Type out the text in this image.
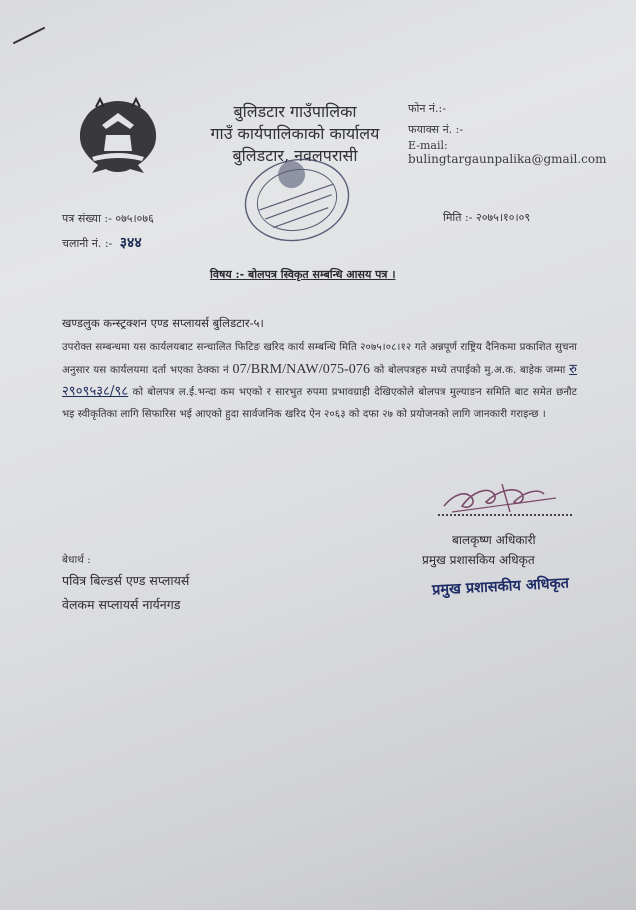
बुलिडटार गाउँपालिका
गाउँ कार्यपालिकाको कार्यालय
बुलिडटार, नवलपरासी
फोन नं.:-
फयाक्स नं. :-
E-mail: bulingtargaunpalika@gmail.com
पत्र संख्या :- ०७५।०७६	मिति :- २०७५।१०।०९
चलानी नं. :- ३४४
विषय :- बोलपत्र स्विकृत सम्बन्धि आसय पत्र ।
खण्डलुक कन्स्ट्रक्शन एण्ड सप्लायर्स बुलिडटार-५।
उपरोक्त सम्बन्धमा यस कार्यलयबाट सन्चालित फिटिङ खरिद कार्य सम्बन्धि मिति २०७५।०८।१२ गते अन्नपूर्ण राष्ट्रिय दैनिकमा प्रकाशित सुचना अनुसार यस कार्यलयमा दर्ता भएका ठेक्का नं 07/BRM/NAW/075-076 को बोलपत्रहरु मध्ये तपाईको मु.अ.क. बाहेक जम्मा रु २९०९५३८/९८ को बोलपत्र ल.ई.भन्दा कम भएको र सारभुत रुपमा प्रभावग्राही देखिएकोले बोलपत्र मुल्याङन समिति बाट समेत छनौट भइ स्वीकृतिका लागि सिफारिस भई आएको हुदा सार्वजनिक खरिद ऐन २०६३ को दफा २७ को प्रयोजनको लागि जानकारी गराइन्छ ।
बालकृष्ण अधिकारी
प्रमुख प्रशासकिय अधिकृत
प्रमुख प्रशासकीय अधिकृत
बेधार्थ :
पवित्र बिल्डर्स एण्ड सप्लायर्स
वेलकम सप्लायर्स नार्यनगड
